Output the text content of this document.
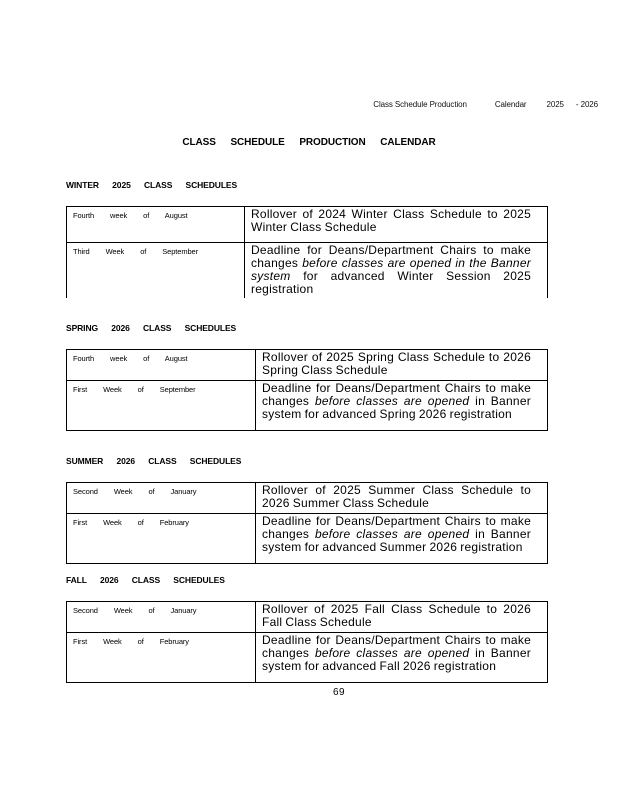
Class Schedule Production	Calendar	2025 - 2026
CLASS SCHEDULE PRODUCTION CALENDAR
WINTER 2025 CLASS SCHEDULES
Fourth week of August	Rollover of 2024 Winter Class Schedule to 2025 Winter Class Schedule
Third Week of September	Deadline for Deans/Department Chairs to make changes before classes are opened in the Banner system for advanced Winter Session 2025 registration
SPRING 2026 CLASS SCHEDULES
Fourth week of August	Rollover of 2025 Spring Class Schedule to 2026 Spring Class Schedule
First Week of September	Deadline for Deans/Department Chairs to make changes before classes are opened in Banner system for advanced Spring 2026 registration
SUMMER 2026 CLASS SCHEDULES
Second Week of January	Rollover of 2025 Summer Class Schedule to 2026 Summer Class Schedule
First Week of February	Deadline for Deans/Department Chairs to make changes before classes are opened in Banner system for advanced Summer 2026 registration
FALL 2026 CLASS SCHEDULES
Second Week of January	Rollover of 2025 Fall Class Schedule to 2026 Fall Class Schedule
First Week of February	Deadline for Deans/Department Chairs to make changes before classes are opened in Banner system for advanced Fall 2026 registration
69
